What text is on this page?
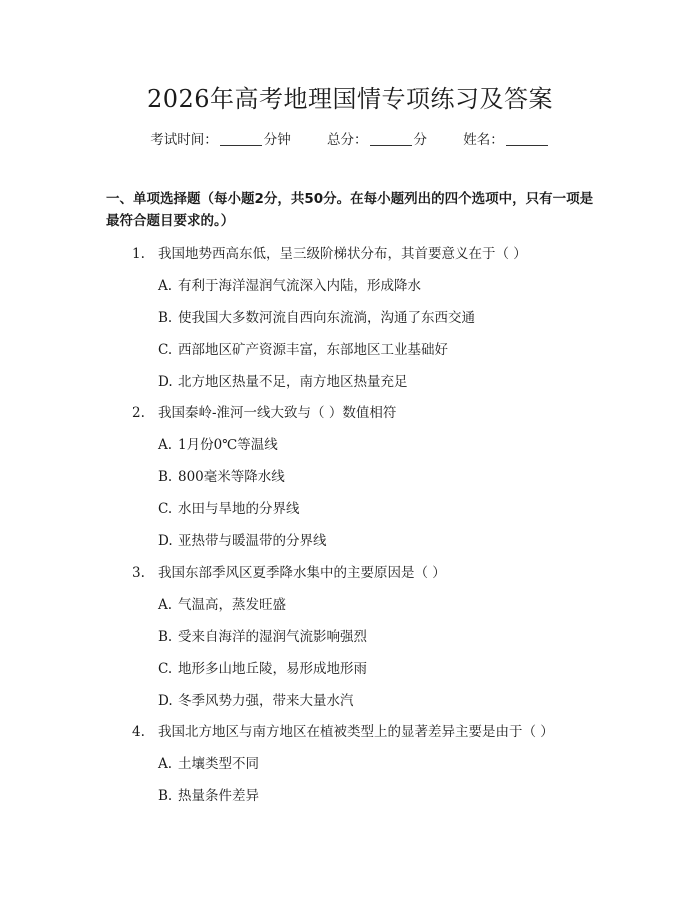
2026年高考地理国情专项练习及答案
考试时间：	分钟	总分：	分	姓名：
一、单项选择题（每小题2分，共50分。在每小题列出的四个选项中，只有一项是最符合题目要求的。）
1. 我国地势西高东低，呈三级阶梯状分布，其首要意义在于（ ）
A. 有利于海洋湿润气流深入内陆，形成降水
B. 使我国大多数河流自西向东流淌，沟通了东西交通
C. 西部地区矿产资源丰富，东部地区工业基础好
D. 北方地区热量不足，南方地区热量充足
2. 我国秦岭-淮河一线大致与（ ）数值相符
A. 1月份0℃等温线
B. 800毫米等降水线
C. 水田与旱地的分界线
D. 亚热带与暖温带的分界线
3. 我国东部季风区夏季降水集中的主要原因是（ ）
A. 气温高，蒸发旺盛
B. 受来自海洋的湿润气流影响强烈
C. 地形多山地丘陵，易形成地形雨
D. 冬季风势力强，带来大量水汽
4. 我国北方地区与南方地区在植被类型上的显著差异主要是由于（ ）
A. 土壤类型不同
B. 热量条件差异
